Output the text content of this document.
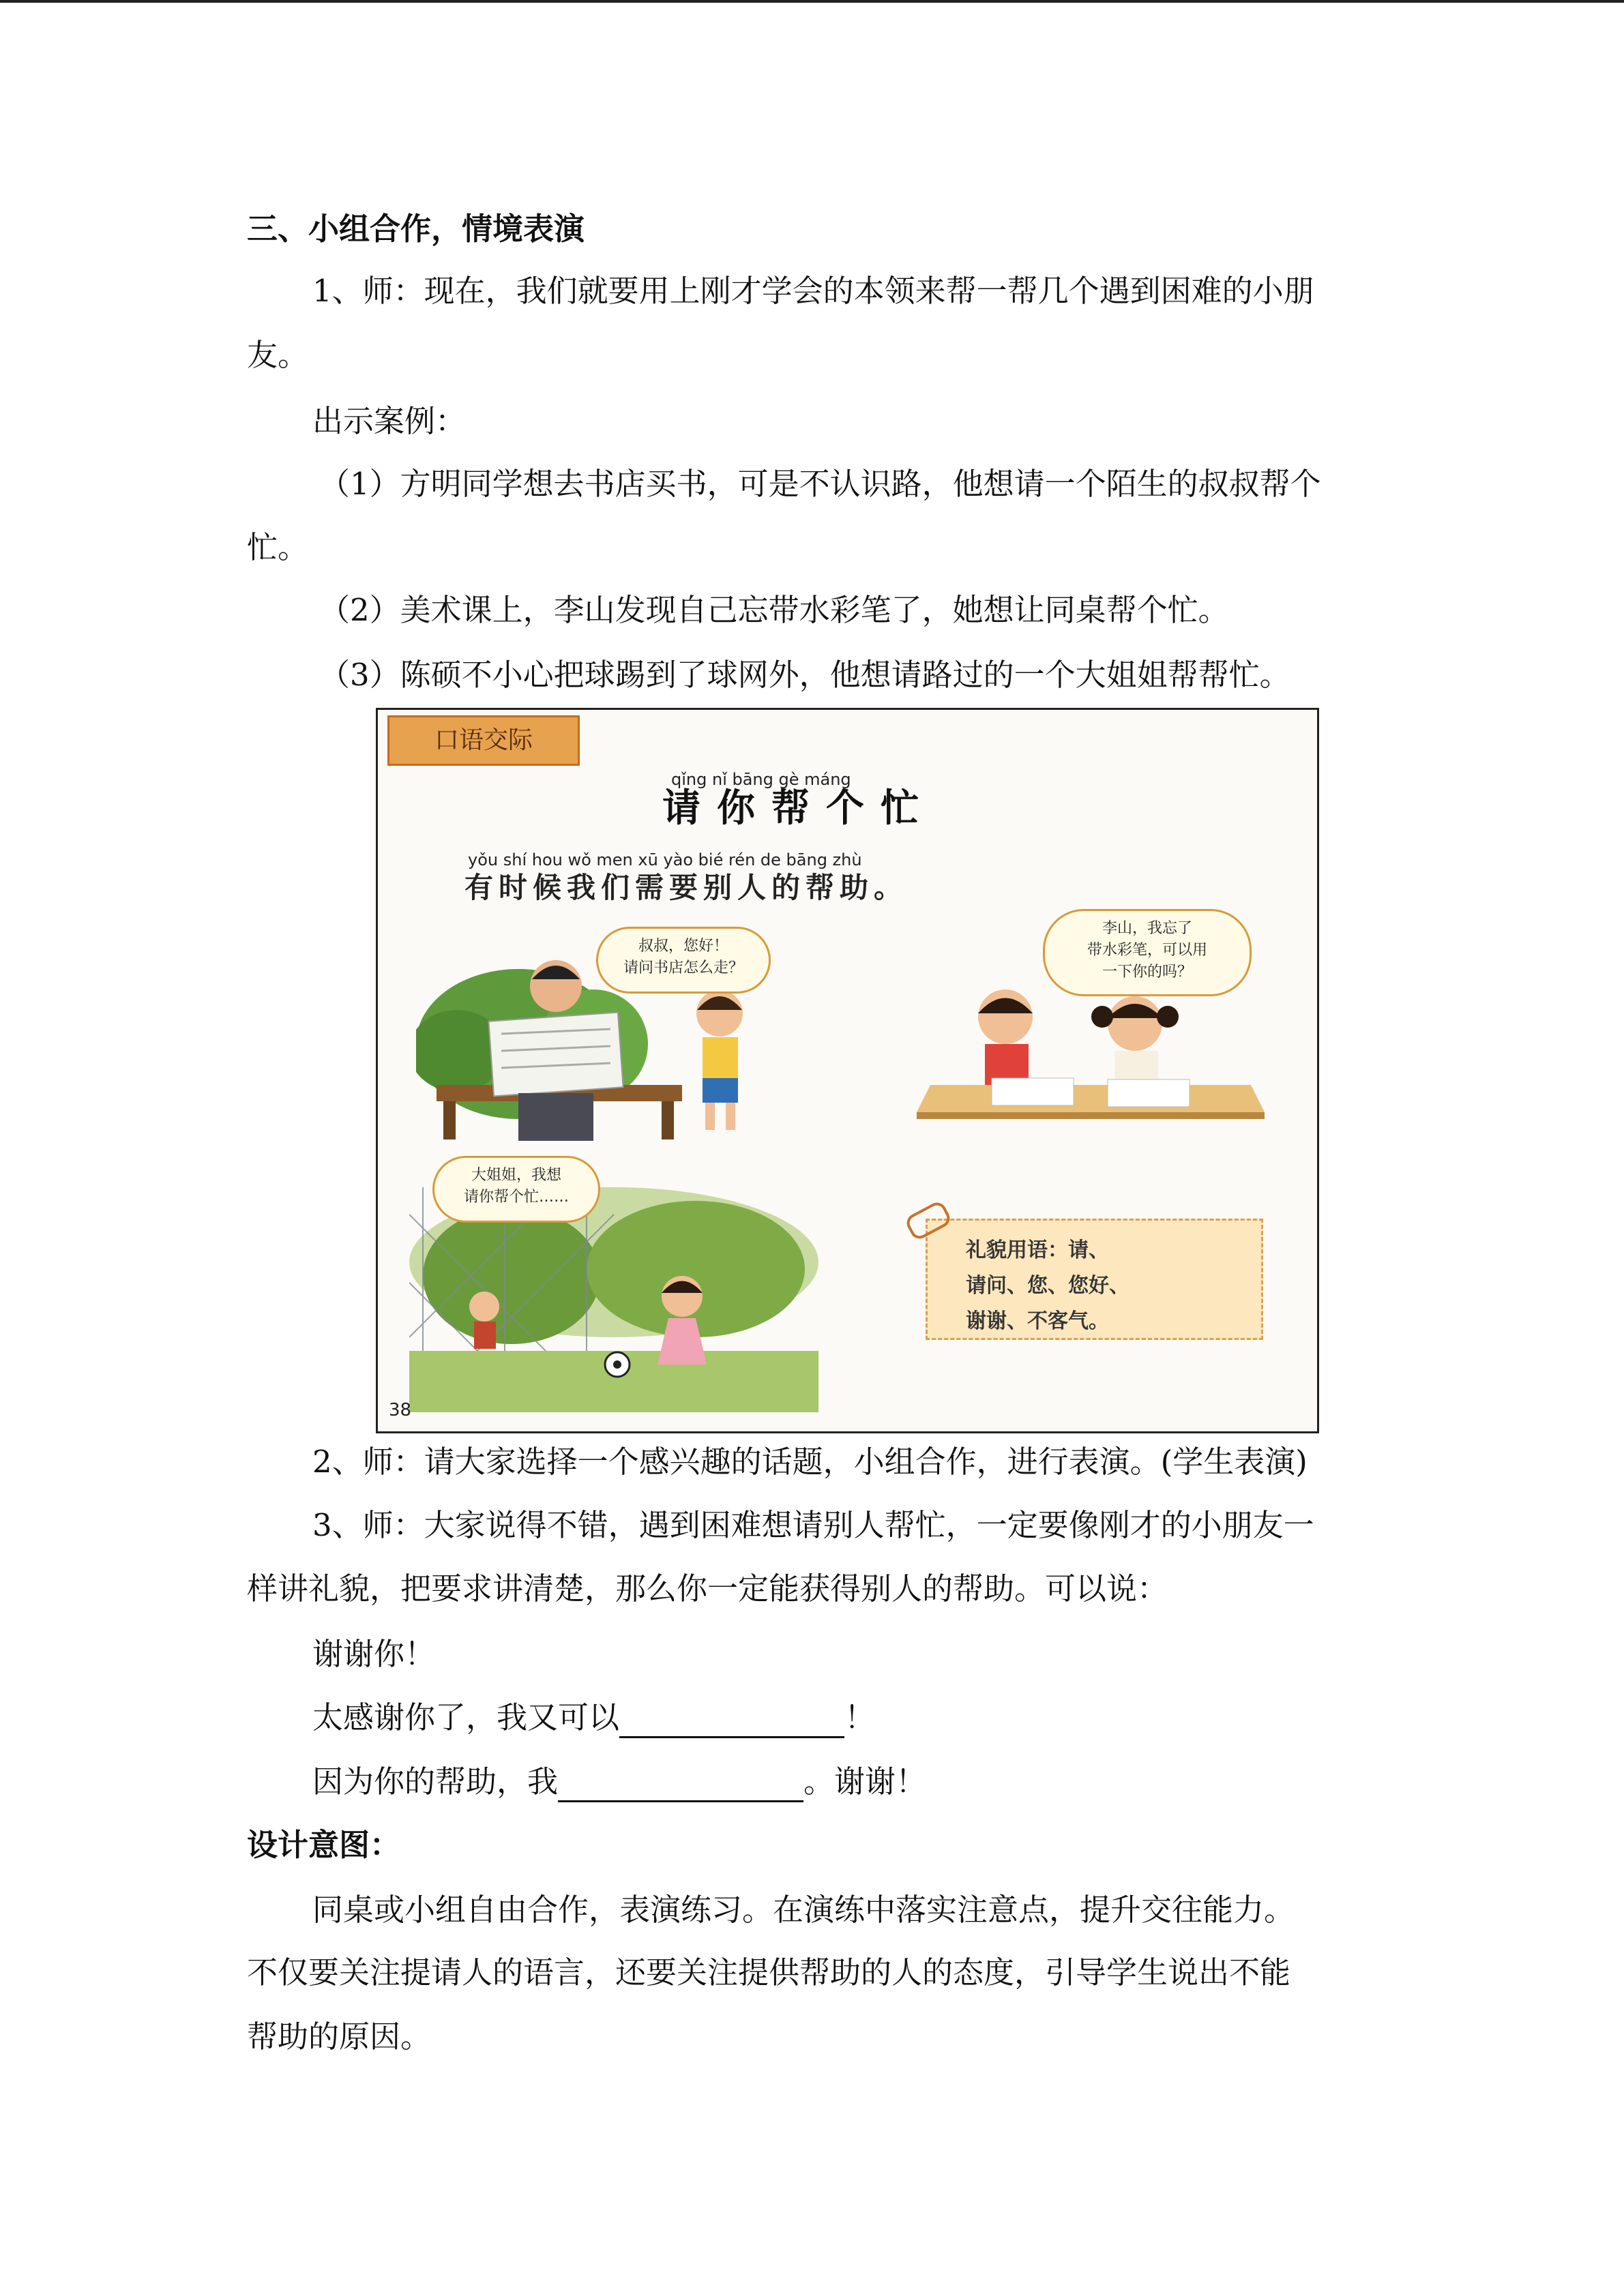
三、小组合作，情境表演
1、师：现在，我们就要用上刚才学会的本领来帮一帮几个遇到困难的小朋
友。
出示案例：
（1）方明同学想去书店买书，可是不认识路，他想请一个陌生的叔叔帮个
忙。
（2）美术课上，李山发现自己忘带水彩笔了，她想让同桌帮个忙。
（3）陈硕不小心把球踢到了球网外，他想请路过的一个大姐姐帮帮忙。
口语交际
qǐng nǐ bāng gè máng
请你帮个忙
yǒu shí hou wǒ men xū yào bié rén de bāng zhù
有时候我们需要别人的帮助。
叔叔，您好！
请问书店怎么走？
李山，我忘了
带水彩笔，可以用
一下你的吗？
大姐姐，我想
请你帮个忙……
礼貌用语：请、
请问、您、您好、
谢谢、不客气。
38
2、师：请大家选择一个感兴趣的话题，小组合作，进行表演。(学生表演)
3、师：大家说得不错，遇到困难想请别人帮忙，一定要像刚才的小朋友一
样讲礼貌，把要求讲清楚，那么你一定能获得别人的帮助。可以说：
谢谢你！
太感谢你了，我又可以	！
因为你的帮助，我	。谢谢！
设计意图：
同桌或小组自由合作，表演练习。在演练中落实注意点，提升交往能力。
不仅要关注提请人的语言，还要关注提供帮助的人的态度，引导学生说出不能
帮助的原因。
